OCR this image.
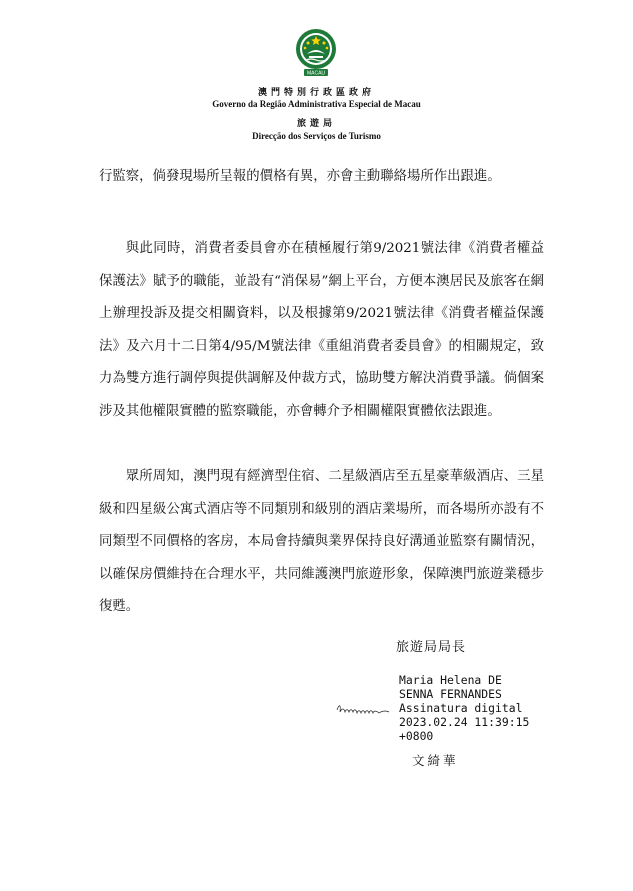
MACAU
澳門特別行政區政府
Governo da Região Administrativa Especial de Macau
旅遊局
Direcção dos Serviços de Turismo
行監察，倘發現場所呈報的價格有異，亦會主動聯絡場所作出跟進。
與此同時，消費者委員會亦在積極履行第9/2021號法律《消費者權益保護法》賦予的職能，並設有“消保易”網上平台，方便本澳居民及旅客在網上辦理投訴及提交相關資料，以及根據第9/2021號法律《消費者權益保護法》及六月十二日第4/95/M號法律《重組消費者委員會》的相關規定，致力為雙方進行調停與提供調解及仲裁方式，協助雙方解決消費爭議。倘個案涉及其他權限實體的監察職能，亦會轉介予相關權限實體依法跟進。
眾所周知，澳門現有經濟型住宿、二星級酒店至五星豪華級酒店、三星級和四星級公寓式酒店等不同類別和級別的酒店業場所，而各場所亦設有不同類型不同價格的客房，本局會持續與業界保持良好溝通並監察有關情況，以確保房價維持在合理水平，共同維護澳門旅遊形象，保障澳門旅遊業穩步復甦。
旅遊局局長
Maria Helena DE
SENNA FERNANDES
Assinatura digital
2023.02.24 11:39:15
+0800
文綺華
